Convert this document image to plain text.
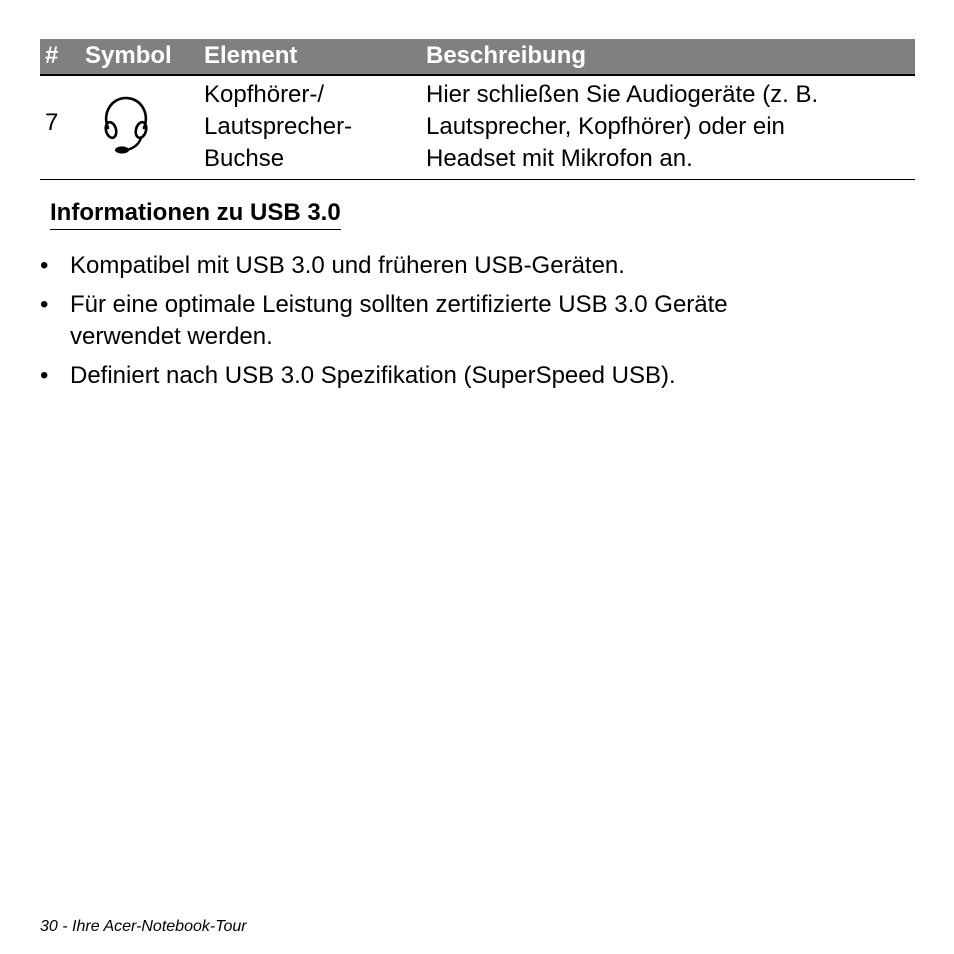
# Symbol Element	Beschreibung
7
Kopfhörer-/
Lautsprecher-
Buchse
Hier schließen Sie Audiogeräte (z. B.
Lautsprecher, Kopfhörer) oder ein
Headset mit Mikrofon an.
Informationen zu USB 3.0
• Kompatibel mit USB 3.0 und früheren USB-Geräten.
• Für eine optimale Leistung sollten zertifizierte USB 3.0 Geräte
verwendet werden.
• Definiert nach USB 3.0 Spezifikation (SuperSpeed USB).
30 - Ihre Acer-Notebook-Tour
